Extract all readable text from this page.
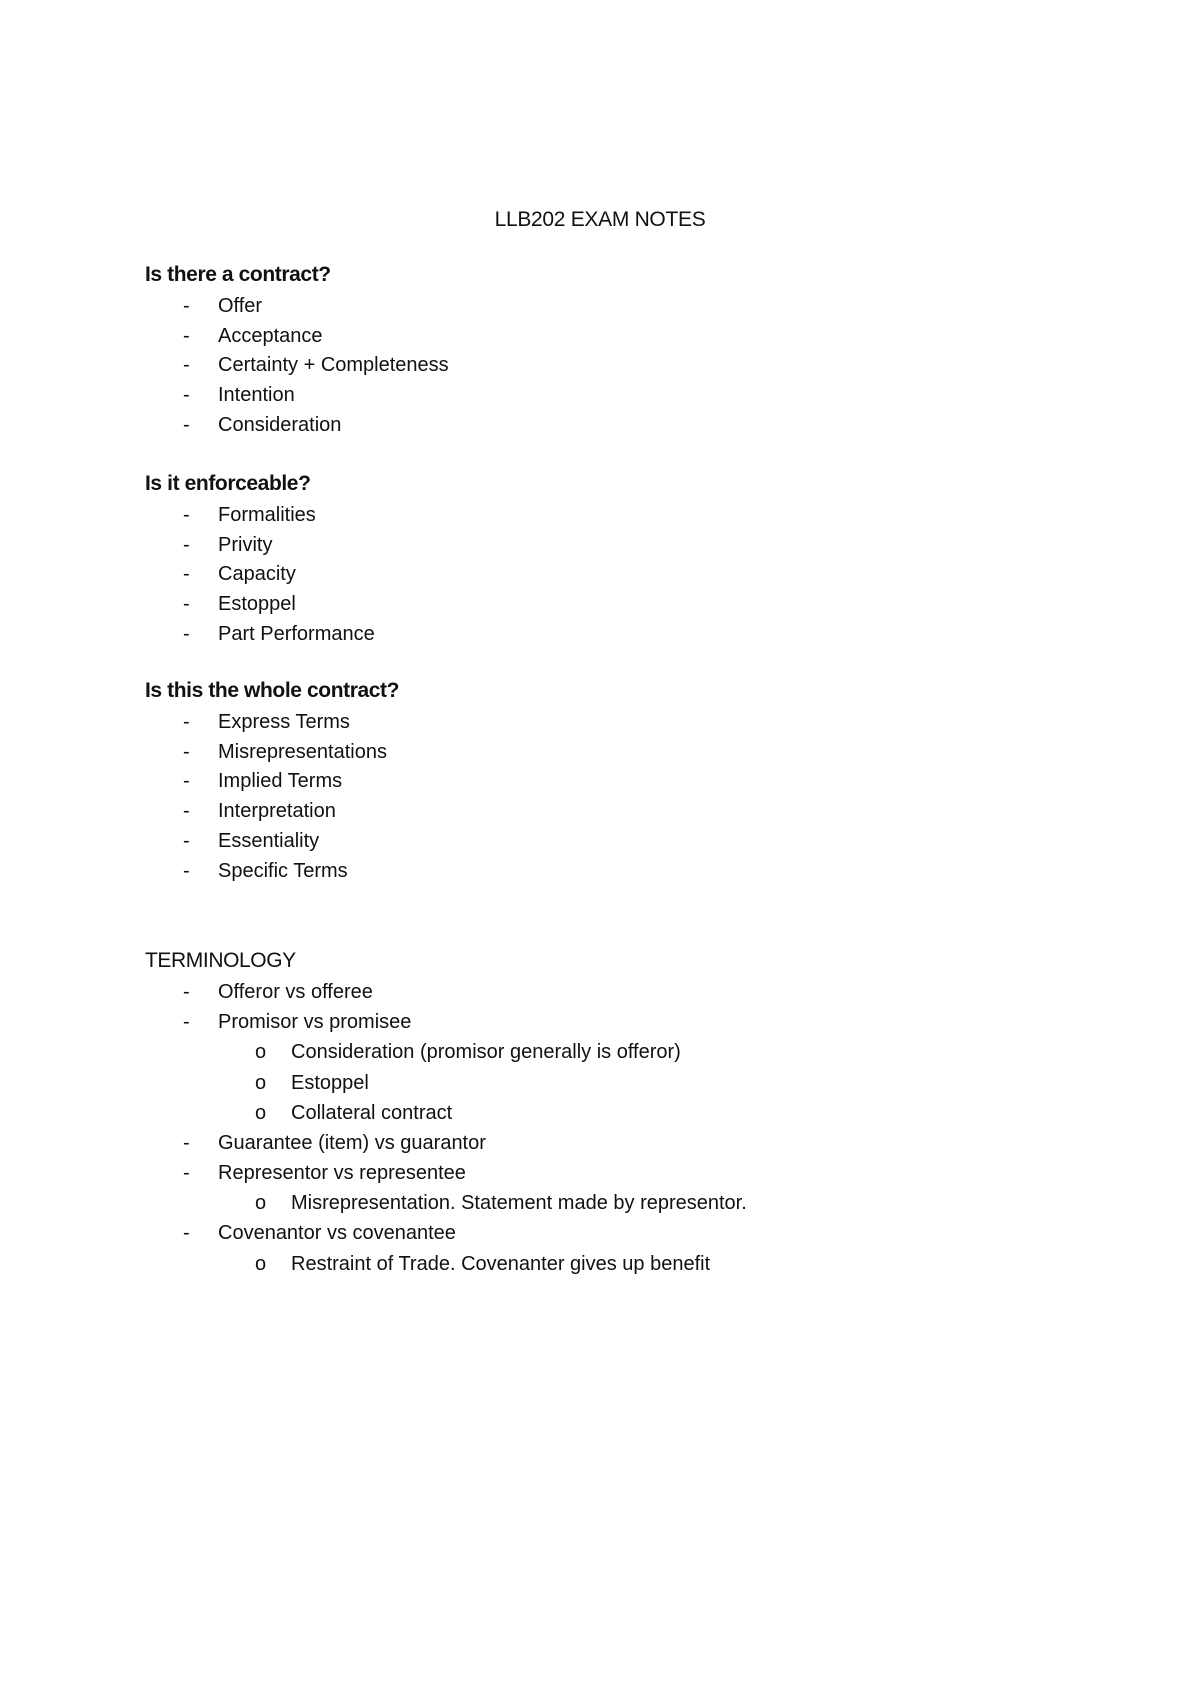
LLB202 EXAM NOTES
Is there a contract?
- Offer
- Acceptance
- Certainty + Completeness
- Intention
- Consideration
Is it enforceable?
- Formalities
- Privity
- Capacity
- Estoppel
- Part Performance
Is this the whole contract?
- Express Terms
- Misrepresentations
- Implied Terms
- Interpretation
- Essentiality
- Specific Terms
TERMINOLOGY
- Offeror vs offeree
- Promisor vs promisee
o Consideration (promisor generally is offeror)
o Estoppel
o Collateral contract
- Guarantee (item) vs guarantor
- Representor vs representee
o Misrepresentation. Statement made by representor.
- Covenantor vs covenantee
o Restraint of Trade. Covenanter gives up benefit
